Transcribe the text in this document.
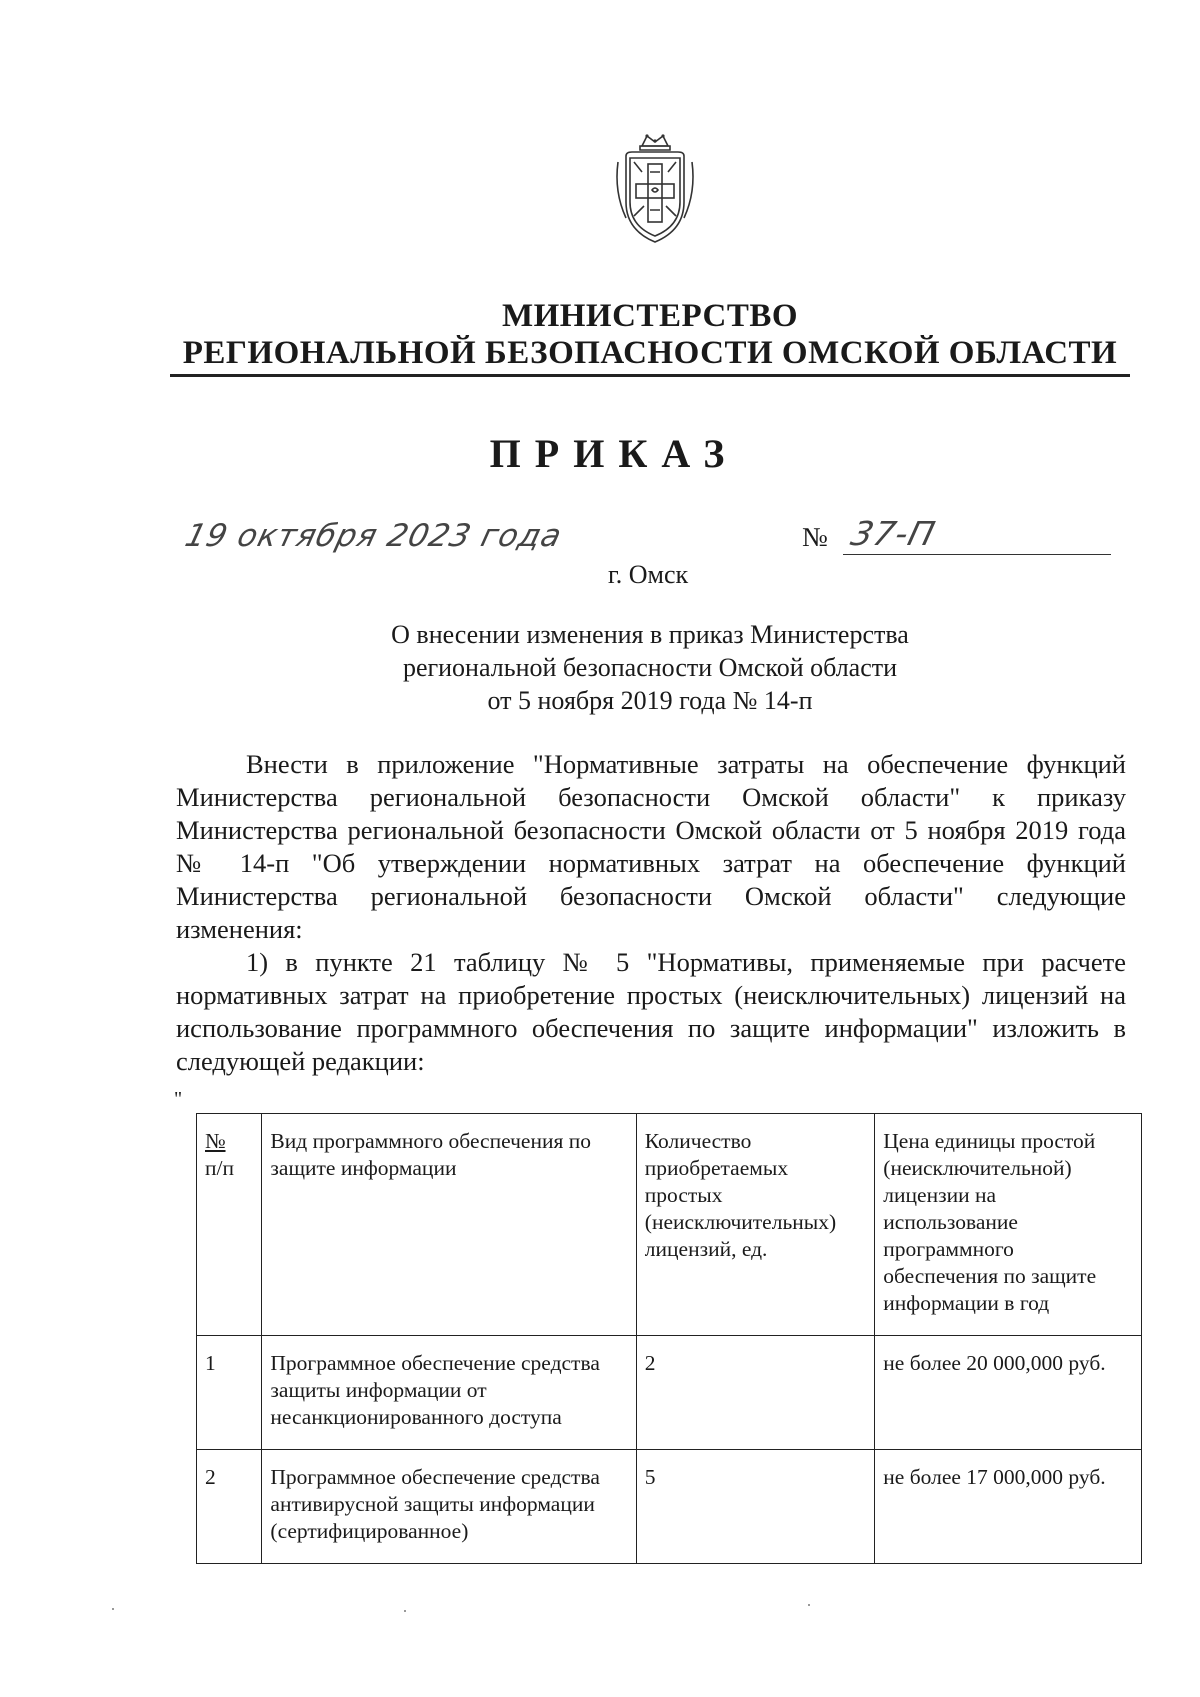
МИНИСТЕРСТВО
РЕГИОНАЛЬНОЙ БЕЗОПАСНОСТИ ОМСКОЙ ОБЛАСТИ
ПРИКАЗ
19 октября 2023 года	№ 37-П
г. Омск
О внесении изменения в приказ Министерства
региональной безопасности Омской области
от 5 ноября 2019 года № 14-п

Внести в приложение "Нормативные затраты на обеспечение функций Министерства региональной безопасности Омской области" к приказу Министерства региональной безопасности Омской области от 5 ноября 2019 года № 14-п "Об утверждении нормативных затрат на обеспечение функций Министерства региональной безопасности Омской области" следующие изменения:

1) в пункте 21 таблицу № 5 "Нормативы, применяемые при расчете нормативных затрат на приобретение простых (неисключительных) лицензий на использование программного обеспечения по защите информации" изложить в следующей редакции:

"
№
п/п	Вид программного обеспечения по защите информации	Количество приобретаемых простых (неисключительных) лицензий, ед.	Цена единицы простой (неисключительной) лицензии на использование программного обеспечения по защите информации в год
1	Программное обеспечение средства защиты информации от несанкционированного доступа	2	не более 20 000,000 руб.

2	Программное обеспечение средства антивирусной защиты информации (сертифицированное)	5	не более 17 000,000 руб.
